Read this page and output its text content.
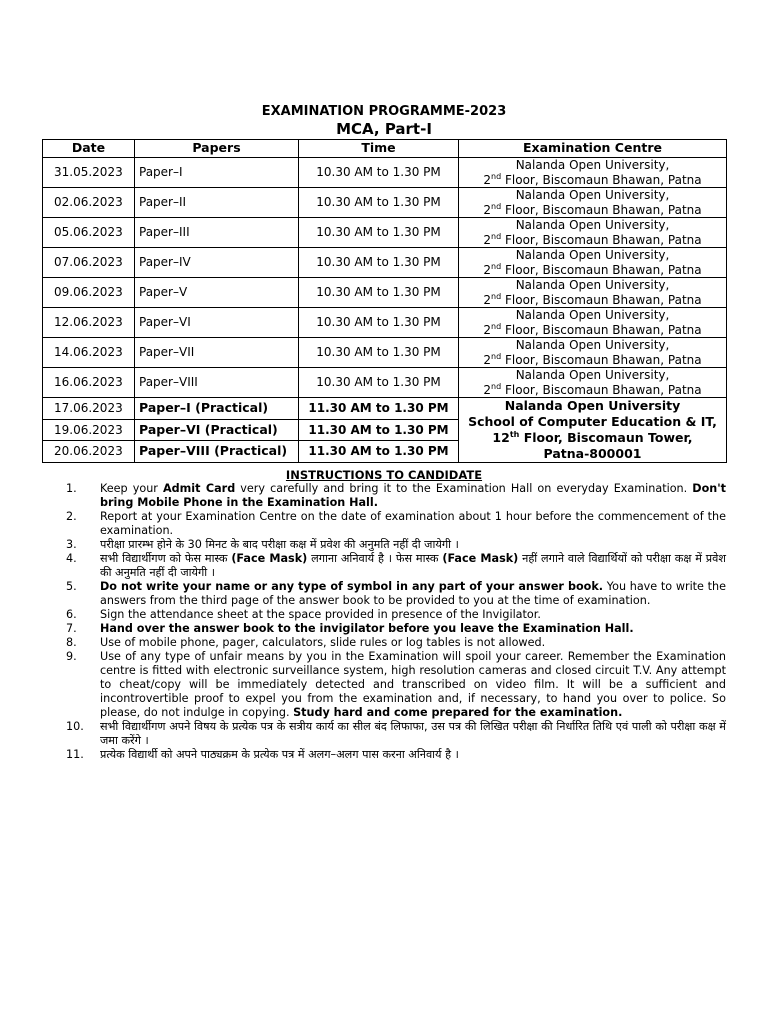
EXAMINATION PROGRAMME-2023
MCA, Part-I
Date	Papers	Time	Examination Centre
31.05.2023	Paper–I	10.30 AM to 1.30 PM	Nalanda Open University,
2nd Floor, Biscomaun Bhawan, Patna
02.06.2023	Paper–II	10.30 AM to 1.30 PM	Nalanda Open University,
2nd Floor, Biscomaun Bhawan, Patna
05.06.2023	Paper–III	10.30 AM to 1.30 PM	Nalanda Open University,
2nd Floor, Biscomaun Bhawan, Patna
07.06.2023	Paper–IV	10.30 AM to 1.30 PM	Nalanda Open University,
2nd Floor, Biscomaun Bhawan, Patna
09.06.2023	Paper–V	10.30 AM to 1.30 PM	Nalanda Open University,
2nd Floor, Biscomaun Bhawan, Patna
12.06.2023	Paper–VI	10.30 AM to 1.30 PM	Nalanda Open University,
2nd Floor, Biscomaun Bhawan, Patna
14.06.2023	Paper–VII	10.30 AM to 1.30 PM	Nalanda Open University,
2nd Floor, Biscomaun Bhawan, Patna
16.06.2023	Paper–VIII	10.30 AM to 1.30 PM	Nalanda Open University,
2nd Floor, Biscomaun Bhawan, Patna
17.06.2023	Paper–I (Practical)	11.30 AM to 1.30 PM	Nalanda Open University
School of Computer Education & IT,
12th Floor, Biscomaun Tower,
Patna-800001
19.06.2023	Paper–VI (Practical)	11.30 AM to 1.30 PM	
20.06.2023	Paper–VIII (Practical)	11.30 AM to 1.30 PM	
INSTRUCTIONS TO CANDIDATE
1.	Keep your Admit Card very carefully and bring it to the Examination Hall on everyday Examination. Don't bring Mobile Phone in the Examination Hall.
2.	Report at your Examination Centre on the date of examination about 1 hour before the commencement of the examination.
3.	परीक्षा प्रारम्भ होने के 30 मिनट के बाद परीक्षा कक्ष में प्रवेश की अनुमति नहीं दी जायेगी ।
4.	सभी विद्यार्थीगण को फेस मास्क (Face Mask) लगाना अनिवार्य है । फेस मास्क (Face Mask) नहीं लगाने वाले विद्यार्थियों को परीक्षा कक्ष में प्रवेश की अनुमति नहीं दी जायेगी ।
5.	Do not write your name or any type of symbol in any part of your answer book. You have to write the answers from the third page of the answer book to be provided to you at the time of examination.
6.	Sign the attendance sheet at the space provided in presence of the Invigilator.
7.	Hand over the answer book to the invigilator before you leave the Examination Hall.
8.	Use of mobile phone, pager, calculators, slide rules or log tables is not allowed.
9.	Use of any type of unfair means by you in the Examination will spoil your career. Remember the Examination centre is fitted with electronic surveillance system, high resolution cameras and closed circuit T.V. Any attempt to cheat/copy will be immediately detected and transcribed on video film. It will be a sufficient and incontrovertible proof to expel you from the examination and, if necessary, to hand you over to police. So please, do not indulge in copying. Study hard and come prepared for the examination.
10.	सभी विद्यार्थीगण अपने विषय के प्रत्येक पत्र के सत्रीय कार्य का सील बंद लिफाफा, उस पत्र की लिखित परीक्षा की निर्धारित तिथि एवं पाली को परीक्षा कक्ष में जमा करेंगे ।
11.	प्रत्येक विद्यार्थी को अपने पाठ्यक्रम के प्रत्येक पत्र में अलग–अलग पास करना अनिवार्य है ।
